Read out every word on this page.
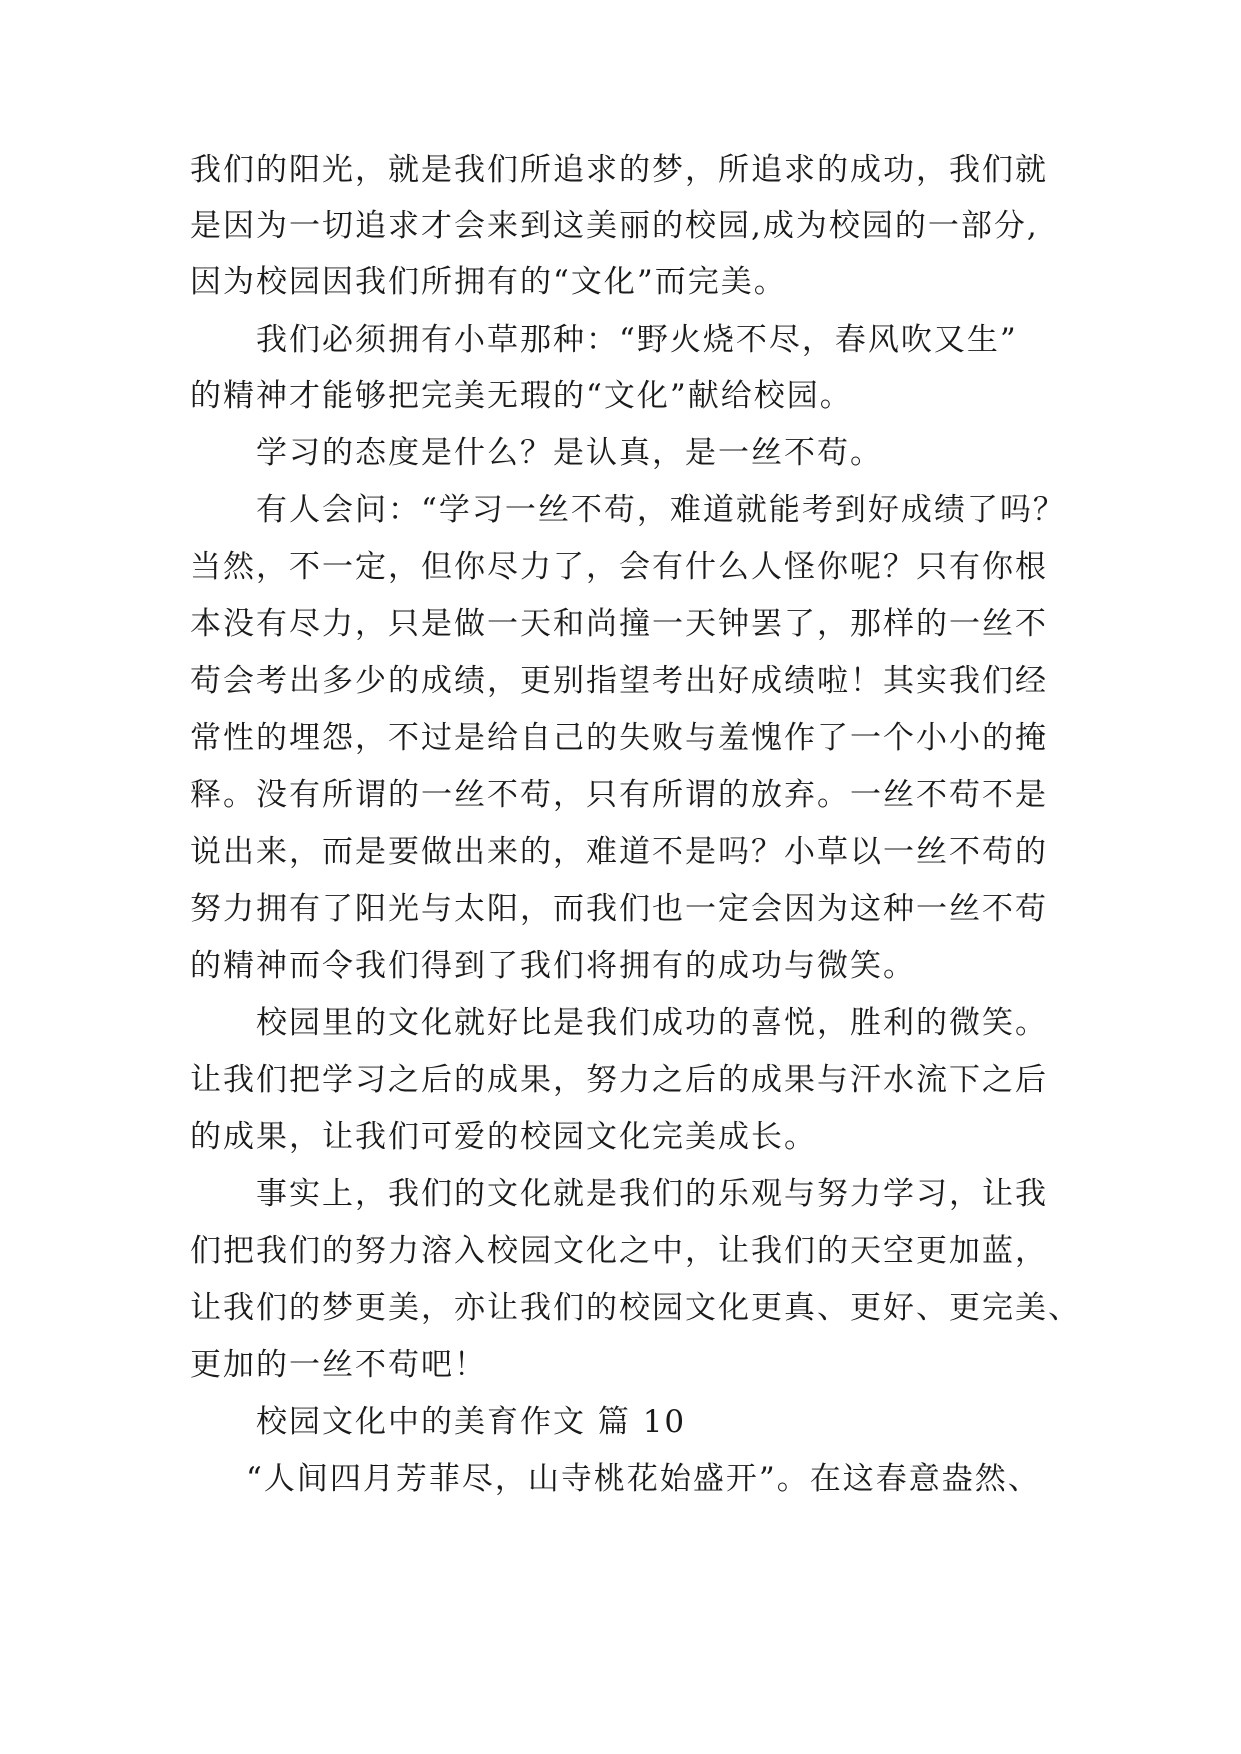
我们的阳光，就是我们所追求的梦，所追求的成功，我们就

是因为一切追求才会来到这美丽的校园,成为校园的一部分,

因为校园因我们所拥有的“文化”而完美。

我们必须拥有小草那种：“野火烧不尽，春风吹又生”

的精神才能够把完美无瑕的“文化”献给校园。

学习的态度是什么？是认真，是一丝不苟。

有人会问：“学习一丝不苟，难道就能考到好成绩了吗？

当然，不一定，但你尽力了，会有什么人怪你呢？只有你根

本没有尽力，只是做一天和尚撞一天钟罢了，那样的一丝不

苟会考出多少的成绩，更别指望考出好成绩啦！其实我们经

常性的埋怨，不过是给自己的失败与羞愧作了一个小小的掩

释。没有所谓的一丝不苟，只有所谓的放弃。一丝不苟不是

说出来，而是要做出来的，难道不是吗？小草以一丝不苟的

努力拥有了阳光与太阳，而我们也一定会因为这种一丝不苟

的精神而令我们得到了我们将拥有的成功与微笑。

校园里的文化就好比是我们成功的喜悦，胜利的微笑。

让我们把学习之后的成果，努力之后的成果与汗水流下之后

的成果，让我们可爱的校园文化完美成长。

事实上，我们的文化就是我们的乐观与努力学习，让我

们把我们的努力溶入校园文化之中，让我们的天空更加蓝，

让我们的梦更美，亦让我们的校园文化更真、更好、更完美、

更加的一丝不苟吧！

校园文化中的美育作文 篇 10

“人间四月芳菲尽，山寺桃花始盛开”。在这春意盎然、
